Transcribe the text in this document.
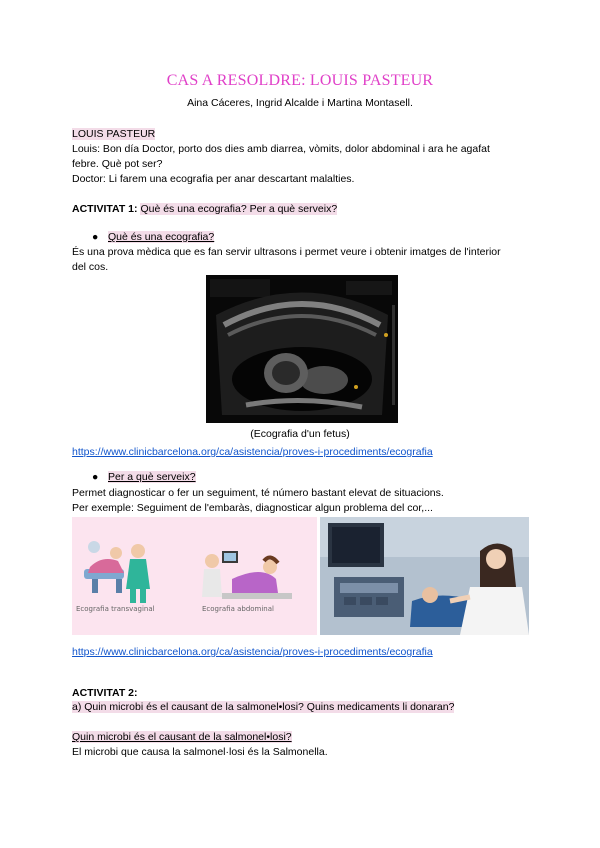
CAS A RESOLDRE: LOUIS PASTEUR
Aina Cáceres, Ingrid Alcalde i Martina Montasell.
LOUIS PASTEUR
Louis: Bon día Doctor, porto dos dies amb diarrea, vòmits, dolor abdominal i ara he agafat
febre. Què pot ser?
Doctor: Li farem una ecografia per anar descartant malalties.
ACTIVITAT 1: Què és una ecografia? Per a què serveix?
● Què és una ecografia?
És una prova mèdica que es fan servir ultrasons i permet veure i obtenir imatges de l'interior
del cos.
(Ecografia d'un fetus)
https://www.clinicbarcelona.org/ca/asistencia/proves-i-procediments/ecografia
● Per a què serveix?
Permet diagnosticar o fer un seguiment, té número bastant elevat de situacions.
Per exemple: Seguiment de l'embaràs, diagnosticar algun problema del cor,...
Ecografia transvaginal	Ecografia abdominal
https://www.clinicbarcelona.org/ca/asistencia/proves-i-procediments/ecografia
ACTIVITAT 2:
a) Quin microbi és el causant de la salmonel•losi? Quins medicaments li donaran?
Quin microbi és el causant de la salmonel•losi?
El microbi que causa la salmonel·losi és la Salmonella.
